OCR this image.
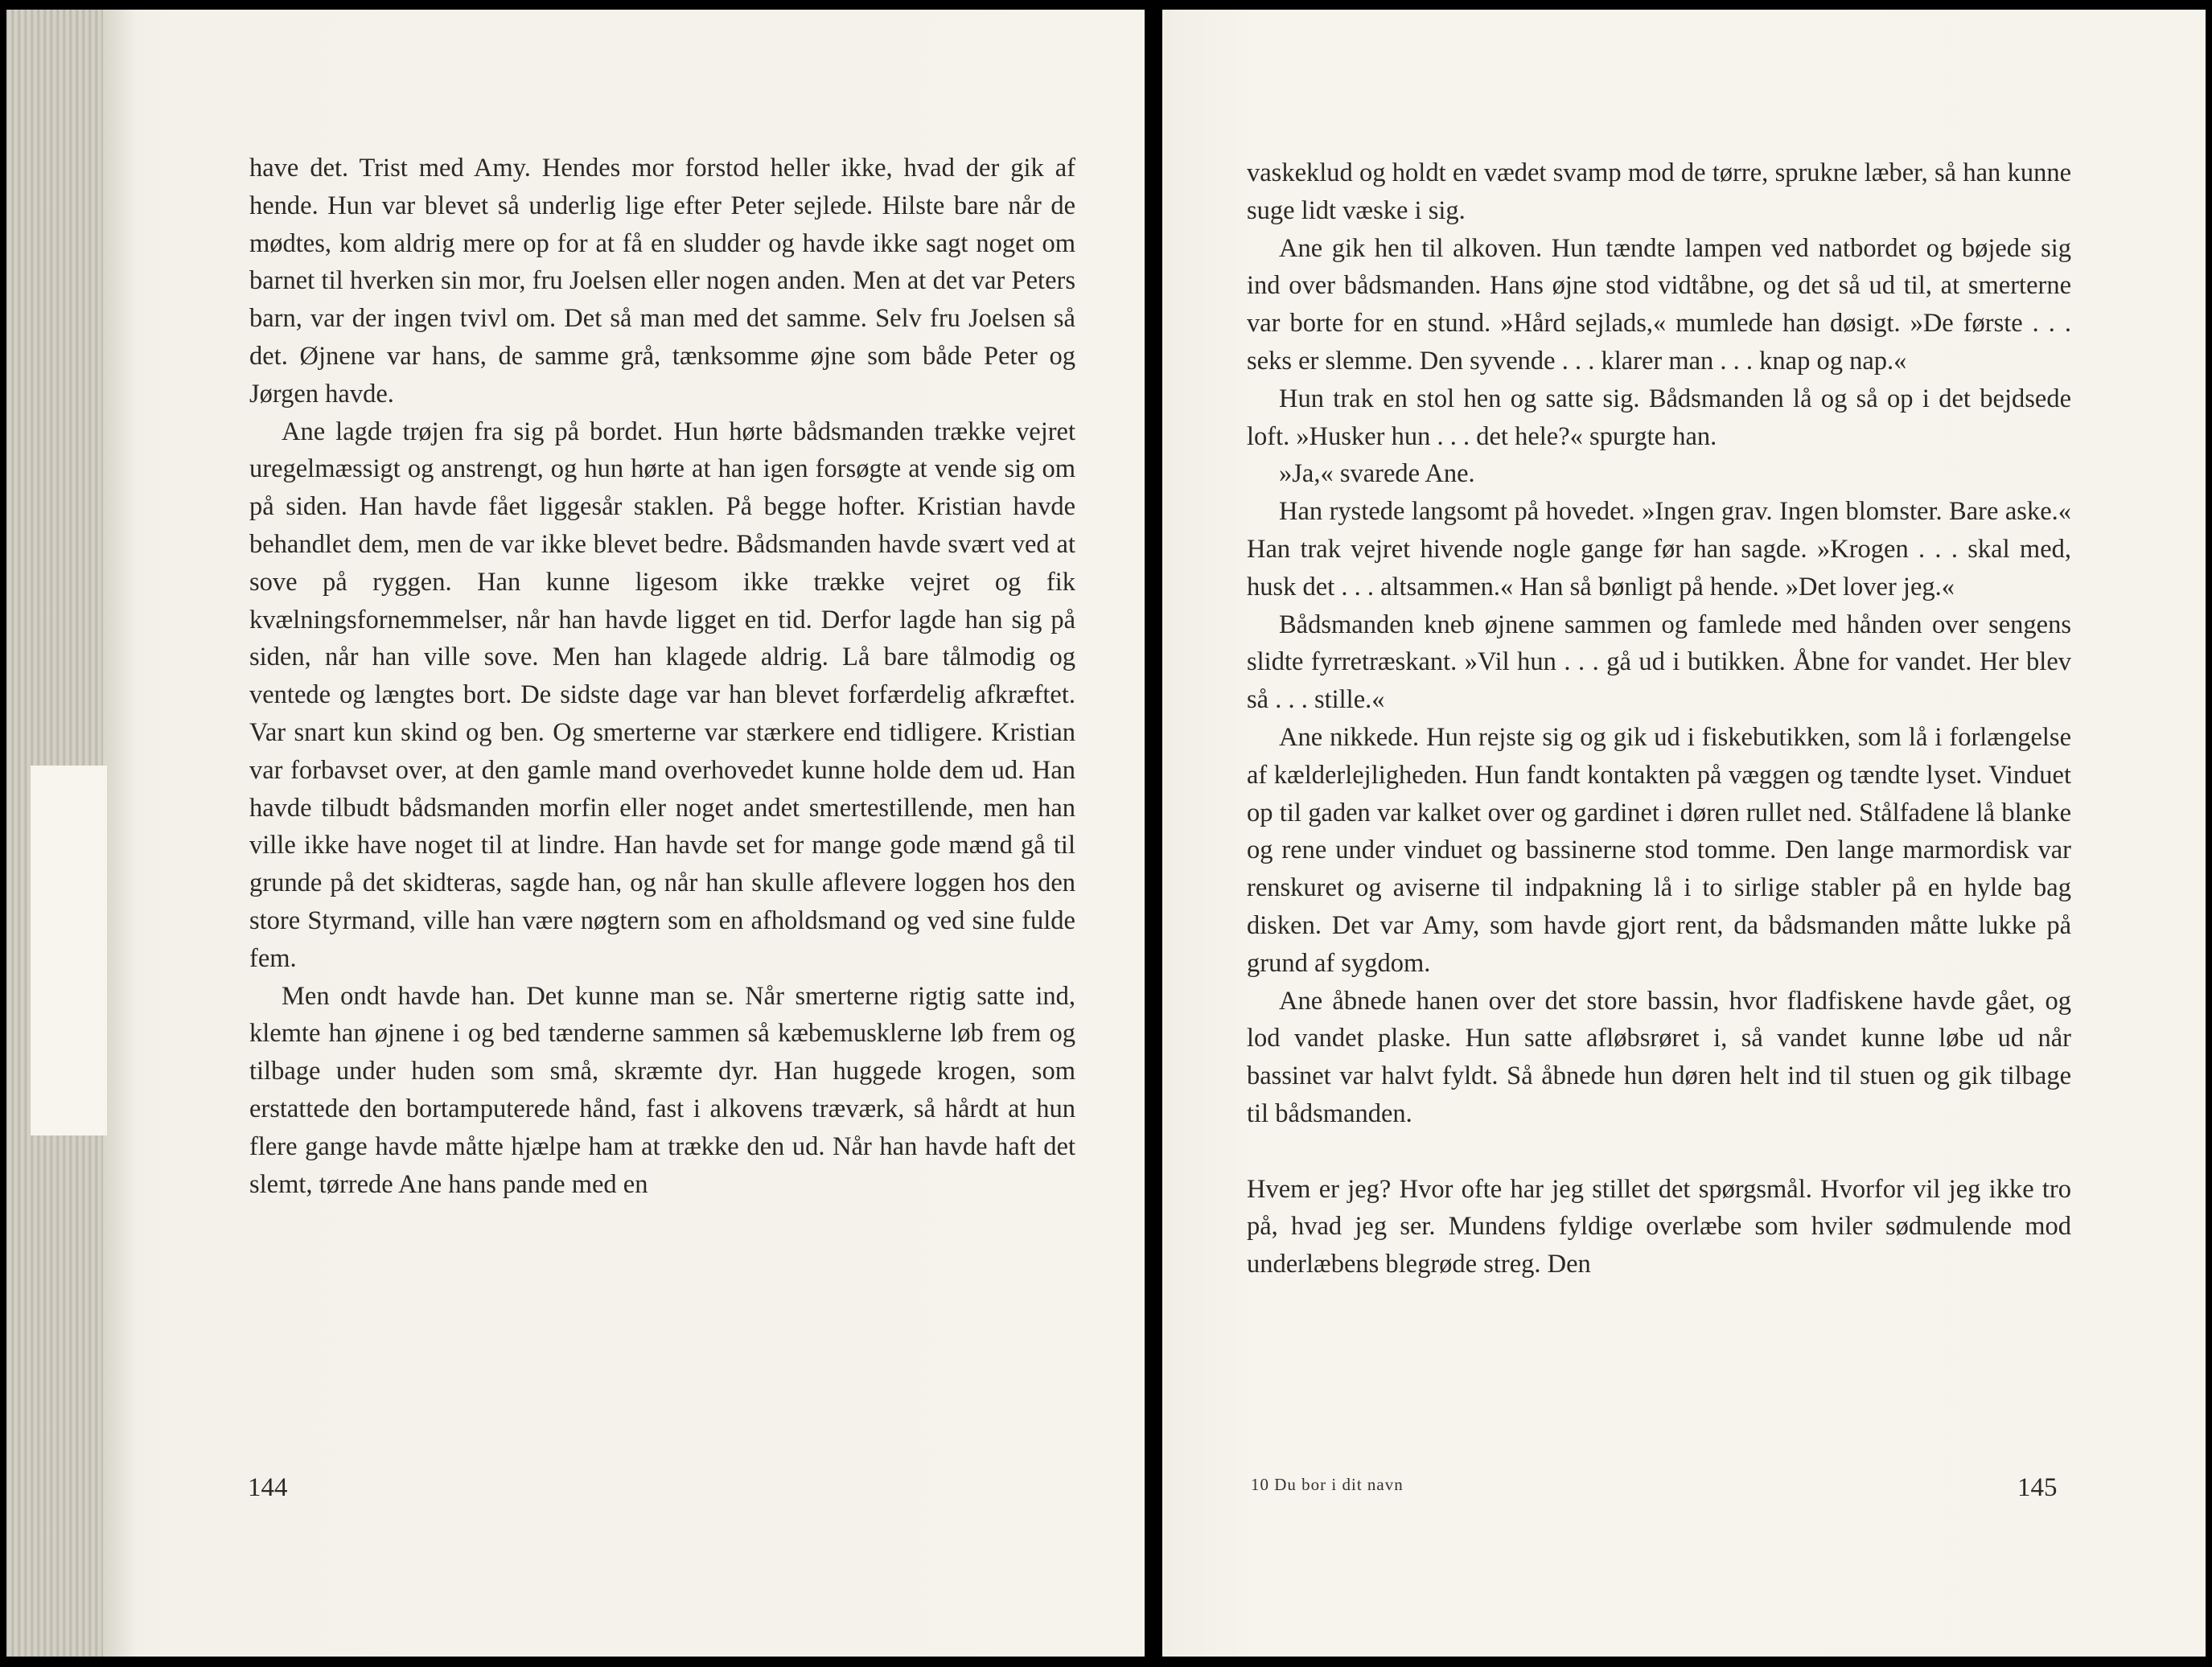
have det. Trist med Amy. Hendes mor forstod heller ikke, hvad der gik af hende. Hun var blevet så underlig lige efter Peter sejlede. Hilste bare når de mødtes, kom aldrig mere op for at få en sludder og havde ikke sagt noget om barnet til hverken sin mor, fru Joelsen eller nogen anden. Men at det var Peters barn, var der ingen tvivl om. Det så man med det samme. Selv fru Joelsen så det. Øjnene var hans, de samme grå, tænksomme øjne som både Peter og Jørgen havde.

Ane lagde trøjen fra sig på bordet. Hun hørte bådsmanden trække vejret uregelmæssigt og anstrengt, og hun hørte at han igen forsøgte at vende sig om på siden. Han havde fået liggesår staklen. På begge hofter. Kristian havde behandlet dem, men de var ikke blevet bedre. Bådsmanden havde svært ved at sove på ryggen. Han kunne ligesom ikke trække vejret og fik kvælningsfornemmelser, når han havde ligget en tid. Derfor lagde han sig på siden, når han ville sove. Men han klagede aldrig. Lå bare tålmodig og ventede og længtes bort. De sidste dage var han blevet forfærdelig afkræftet. Var snart kun skind og ben. Og smerterne var stærkere end tidligere. Kristian var forbavset over, at den gamle mand overhovedet kunne holde dem ud. Han havde tilbudt bådsmanden morfin eller noget andet smertestillende, men han ville ikke have noget til at lindre. Han havde set for mange gode mænd gå til grunde på det skidteras, sagde han, og når han skulle aflevere loggen hos den store Styrmand, ville han være nøgtern som en afholdsmand og ved sine fulde fem.

Men ondt havde han. Det kunne man se. Når smerterne rigtig satte ind, klemte han øjnene i og bed tænderne sammen så kæbemusklerne løb frem og tilbage under huden som små, skræmte dyr. Han huggede krogen, som erstattede den bortamputerede hånd, fast i alkovens træværk, så hårdt at hun flere gange havde måtte hjælpe ham at trække den ud. Når han havde haft det slemt, tørrede Ane hans pande med en

144

vaskeklud og holdt en vædet svamp mod de tørre, sprukne læber, så han kunne suge lidt væske i sig.

Ane gik hen til alkoven. Hun tændte lampen ved natbordet og bøjede sig ind over bådsmanden. Hans øjne stod vidtåbne, og det så ud til, at smerterne var borte for en stund. »Hård sejlads,« mumlede han døsigt. »De første . . . seks er slemme. Den syvende . . . klarer man . . . knap og nap.«

Hun trak en stol hen og satte sig. Bådsmanden lå og så op i det bejdsede loft. »Husker hun . . . det hele?« spurgte han.

»Ja,« svarede Ane.

Han rystede langsomt på hovedet. »Ingen grav. Ingen blomster. Bare aske.« Han trak vejret hivende nogle gange før han sagde. »Krogen . . . skal med, husk det . . . altsammen.« Han så bønligt på hende. »Det lover jeg.«

Bådsmanden kneb øjnene sammen og famlede med hånden over sengens slidte fyrretræskant. »Vil hun . . . gå ud i butikken. Åbne for vandet. Her blev så . . . stille.«

Ane nikkede. Hun rejste sig og gik ud i fiskebutikken, som lå i forlængelse af kælderlejligheden. Hun fandt kontakten på væggen og tændte lyset. Vinduet op til gaden var kalket over og gardinet i døren rullet ned. Stålfadene lå blanke og rene under vinduet og bassinerne stod tomme. Den lange marmordisk var renskuret og aviserne til indpakning lå i to sirlige stabler på en hylde bag disken. Det var Amy, som havde gjort rent, da bådsmanden måtte lukke på grund af sygdom.

Ane åbnede hanen over det store bassin, hvor fladfiskene havde gået, og lod vandet plaske. Hun satte afløbsrøret i, så vandet kunne løbe ud når bassinet var halvt fyldt. Så åbnede hun døren helt ind til stuen og gik tilbage til bådsmanden.

Hvem er jeg? Hvor ofte har jeg stillet det spørgsmål. Hvorfor vil jeg ikke tro på, hvad jeg ser. Mundens fyldige overlæbe som hviler sødmulende mod underlæbens blegrøde streg. Den

10 Du bor i dit navn	145
